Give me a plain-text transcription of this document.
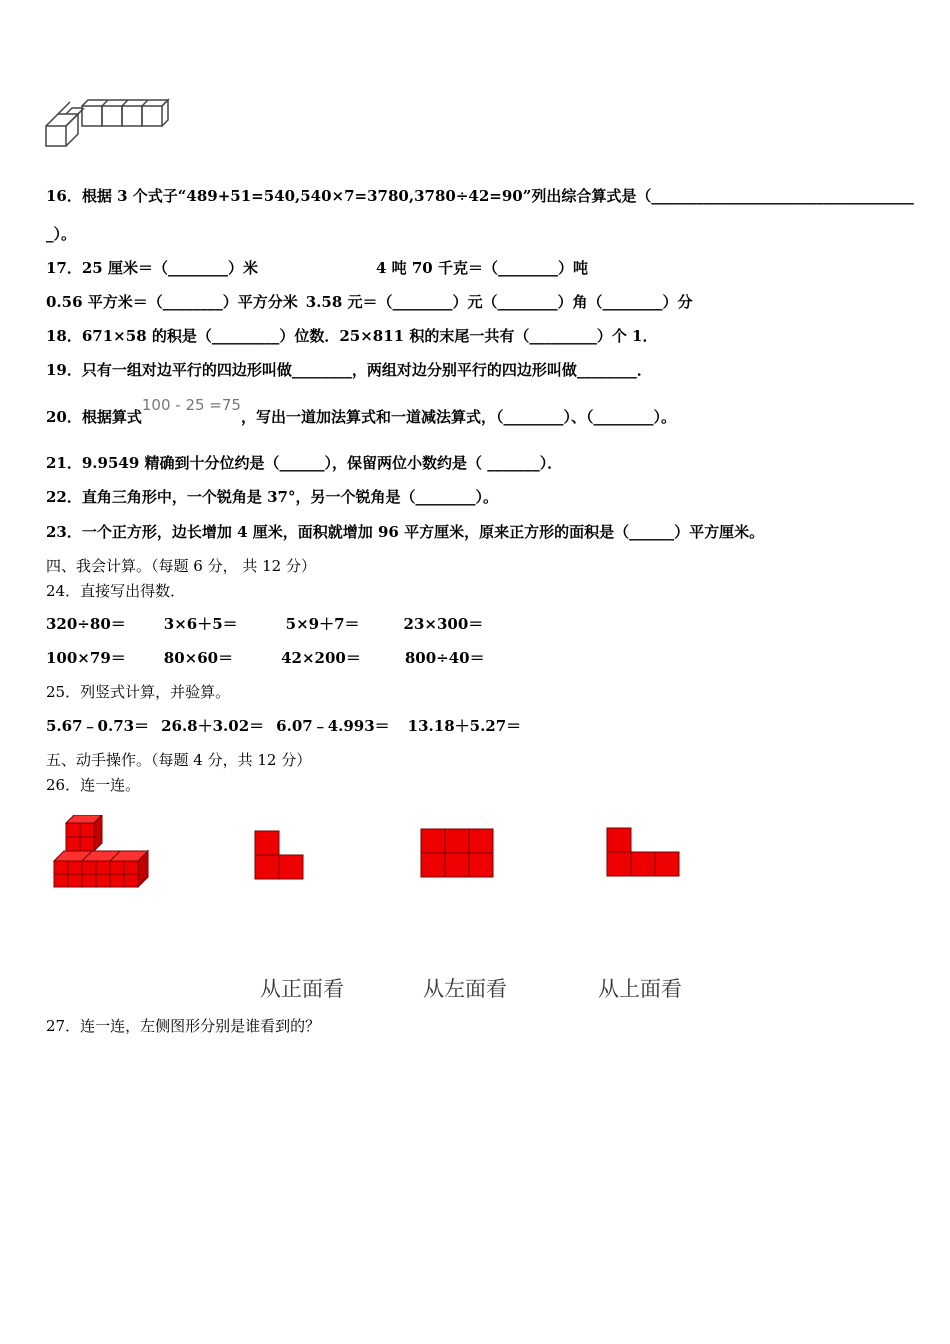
16．根据 3 个式子“489+51=540,540×7=3780,3780÷42=90”列出综合算式是（___________________________________
_）。
17．25 厘米＝（________）米	4 吨 70 千克＝（________）吨
0.56 平方米＝（________）平方分米 3.58 元＝（________）元（________）角（________）分
18．671×58 的积是（_________）位数．25×811 积的末尾一共有（_________）个 1．
19．只有一组对边平行的四边形叫做________，两组对边分别平行的四边形叫做________．
20．根据算式100 - 25 =75，写出一道加法算式和一道减法算式，（________）、（________）。
21．9.9549 精确到十分位约是（______），保留两位小数约是（ _______）．
22．直角三角形中，一个锐角是 37°，另一个锐角是（________）。
23．一个正方形，边长增加 4 厘米，面积就增加 96 平方厘米，原来正方形的面积是（______）平方厘米。
四、我会计算。（每题 6 分， 共 12 分）
24．直接写出得数．
320÷80＝	3×6＋5＝	5×9＋7＝	23×300＝
100×79＝	80×60＝	42×200＝	800÷40＝
25．列竖式计算，并验算。
5.67﹣0.73＝ 26.8＋3.02＝ 6.07﹣4.993＝ 13.18＋5.27＝
五、动手操作。（每题 4 分，共 12 分）
26．连一连。
从正面看	从左面看	从上面看
27．连一连，左侧图形分别是谁看到的？
